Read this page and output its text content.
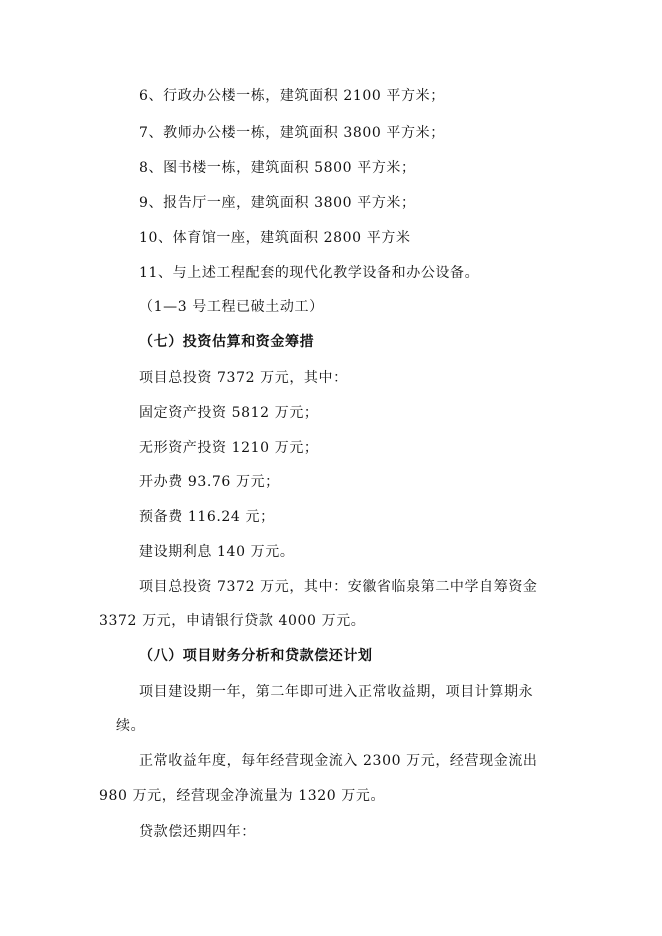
6、行政办公楼一栋，建筑面积 2100 平方米；
7、教师办公楼一栋，建筑面积 3800 平方米；
8、图书楼一栋，建筑面积 5800 平方米；
9、报告厅一座，建筑面积 3800 平方米；
10、体育馆一座，建筑面积 2800 平方米
11、与上述工程配套的现代化教学设备和办公设备。
（1—3 号工程已破土动工）
（七）投资估算和资金筹措
项目总投资 7372 万元，其中：
固定资产投资 5812 万元；
无形资产投资 1210 万元；
开办费 93.76 万元；
预备费 116.24 元；
建设期利息 140 万元。
项目总投资 7372 万元，其中：安徽省临泉第二中学自筹资金
3372 万元，申请银行贷款 4000 万元。
（八）项目财务分析和贷款偿还计划
项目建设期一年，第二年即可进入正常收益期，项目计算期永
续。
正常收益年度，每年经营现金流入 2300 万元，经营现金流出
980 万元，经营现金净流量为 1320 万元。
贷款偿还期四年：
